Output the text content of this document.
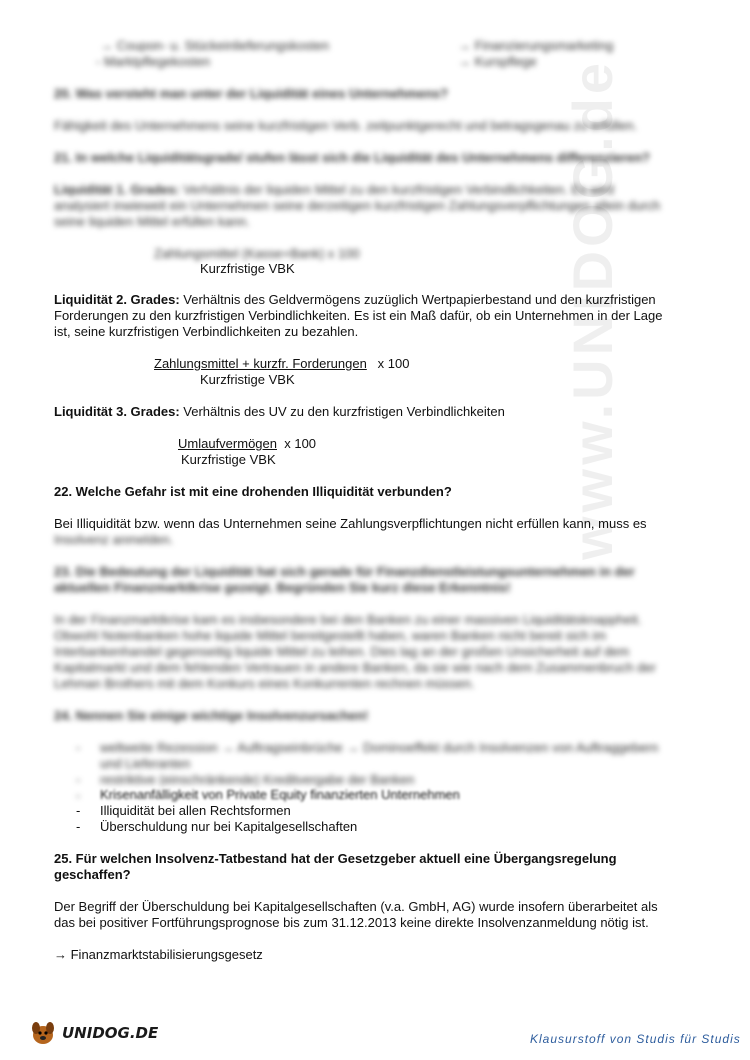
www.UNIDOG.de
→ Coupon- u. Stückeinlieferungskosten	→ Finanzierungsmarketing
- Marktpflegekosten	→ Kurspflege
20. Was versteht man unter der Liquidität eines Unternehmens?
Fähigkeit des Unternehmens seine kurzfristigen Verb. zeitpunktgerecht und betragsgenau zu erfüllen.
21. In welche Liquiditätsgrade/ stufen lässt sich die Liquidität des Unternehmens differenzieren?
Liquidität 1. Grades: Verhältnis der liquiden Mittel zu den kurzfristigen Verbindlichkeiten. Es wird
analysiert inwieweit ein Unternehmen seine derzeitigen kurzfristigen Zahlungsverpflichtungen allein durch
seine liquiden Mittel erfüllen kann.
Zahlungsmittel (Kasse+Bank) x 100
Kurzfristige VBK
Liquidität 2. Grades: Verhältnis des Geldvermögens zuzüglich Wertpapierbestand und den kurzfristigen
Forderungen zu den kurzfristigen Verbindlichkeiten. Es ist ein Maß dafür, ob ein Unternehmen in der Lage
ist, seine kurzfristigen Verbindlichkeiten zu bezahlen.
Zahlungsmittel + kurzfr. Forderungen x 100
Kurzfristige VBK
Liquidität 3. Grades: Verhältnis des UV zu den kurzfristigen Verbindlichkeiten
Umlaufvermögen x 100
Kurzfristige VBK
22. Welche Gefahr ist mit eine drohenden Illiquidität verbunden?
Bei Illiquidität bzw. wenn das Unternehmen seine Zahlungsverpflichtungen nicht erfüllen kann, muss es
Insolvenz anmelden.
23. Die Bedeutung der Liquidität hat sich gerade für Finanzdienstleistungsunternehmen in der
aktuellen Finanzmarktkrise gezeigt. Begründen Sie kurz diese Erkenntnis!
In der Finanzmarktkrise kam es insbesondere bei den Banken zu einer massiven Liquiditätsknappheit.
Obwohl Notenbanken hohe liquide Mittel bereitgestellt haben, waren Banken nicht bereit sich im
Interbankenhandel gegenseitig liquide Mittel zu leihen. Dies lag an der großen Unsicherheit auf dem
Kapitalmarkt und dem fehlenden Vertrauen in andere Banken, da sie wie nach dem Zusammenbruch der
Lehman Brothers mit dem Konkurs eines Konkurrenten rechnen müssen.
24. Nennen Sie einige wichtige Insolvenzursachen!
- weltweite Rezession → Auftragseinbrüche → Dominoeffekt durch Insolvenzen von Auftraggebern
und Lieferanten
- restriktive (einschränkende) Kreditvergabe der Banken
- Krisenanfälligkeit von Private Equity finanzierten Unternehmen
- Illiquidität bei allen Rechtsformen
- Überschuldung nur bei Kapitalgesellschaften
25. Für welchen Insolvenz-Tatbestand hat der Gesetzgeber aktuell eine Übergangsregelung
geschaffen?
Der Begriff der Überschuldung bei Kapitalgesellschaften (v.a. GmbH, AG) wurde insofern überarbeitet als
das bei positiver Fortführungsprognose bis zum 31.12.2013 keine direkte Insolvenzanmeldung nötig ist.
→ Finanzmarktstabilisierungsgesetz
UNIDOG.DE	Klausurstoff von Studis für Studis
